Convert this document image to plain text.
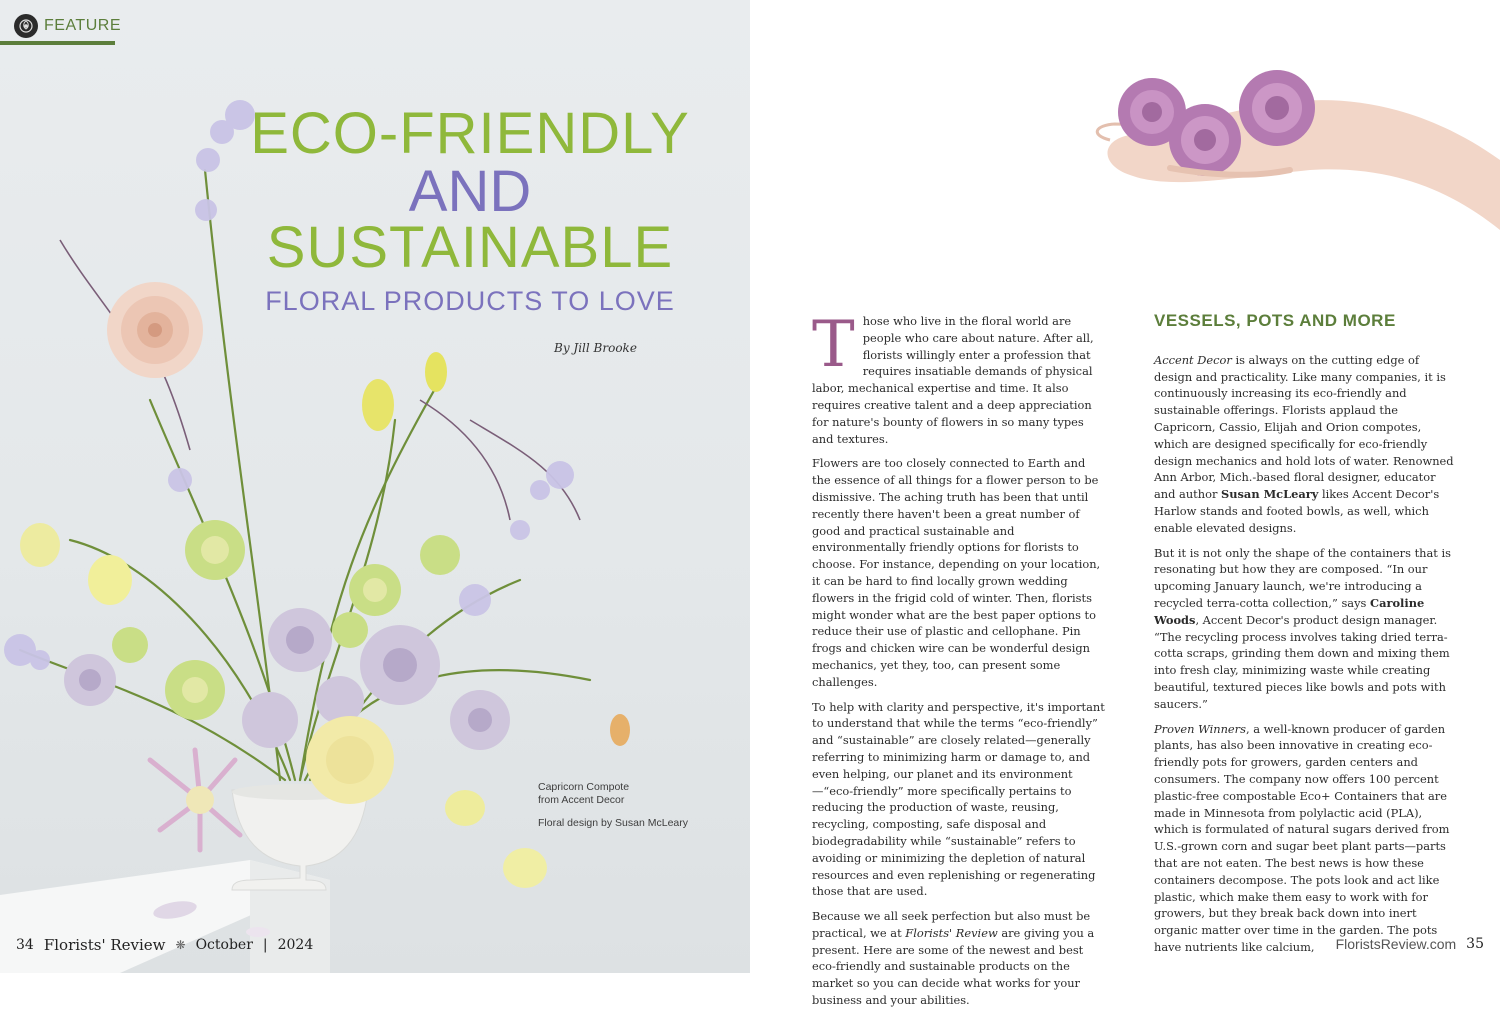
FEATURE
ECO-FRIENDLY
AND
SUSTAINABLE
FLORAL PRODUCTS TO LOVE
By Jill Brooke
Capricorn Compote
from Accent Decor
Floral design by Susan McLeary
34 Florists' Review ❋ October | 2024

Those who live in the floral world are people who care about nature. After all, florists willingly enter a profession that requires insatiable demands of physical labor, mechanical expertise and time. It also requires creative talent and a deep appreciation for nature's bounty of flowers in so many types and textures.

Flowers are too closely connected to Earth and the essence of all things for a flower person to be dismissive. The aching truth has been that until recently there haven't been a great number of good and practical sustainable and environmentally friendly options for florists to choose. For instance, depending on your location, it can be hard to find locally grown wedding flowers in the frigid cold of winter. Then, florists might wonder what are the best paper options to reduce their use of plastic and cellophane. Pin frogs and chicken wire can be wonderful design mechanics, yet they, too, can present some challenges.

To help with clarity and perspective, it's important to understand that while the terms “eco-friendly” and “sustainable” are closely related—generally referring to minimizing harm or damage to, and even helping, our planet and its environment—“eco-friendly” more specifically pertains to reducing the production of waste, reusing, recycling, composting, safe disposal and biodegradability while “sustainable” refers to avoiding or minimizing the depletion of natural resources and even replenishing or regenerating those that are used.

Because we all seek perfection but also must be practical, we at Florists' Review are giving you a present. Here are some of the newest and best eco-friendly and sustainable products on the market so you can decide what works for your business and your abilities.

VESSELS, POTS AND MORE

Accent Decor is always on the cutting edge of design and practicality. Like many companies, it is continuously increasing its eco-friendly and sustainable offerings. Florists applaud the Capricorn, Cassio, Elijah and Orion compotes, which are designed specifically for eco-friendly design mechanics and hold lots of water. Renowned Ann Arbor, Mich.-based floral designer, educator and author Susan McLeary likes Accent Decor's Harlow stands and footed bowls, as well, which enable elevated designs.

But it is not only the shape of the containers that is resonating but how they are composed. “In our upcoming January launch, we're introducing a recycled terra-cotta collection,” says Caroline Woods, Accent Decor's product design manager. “The recycling process involves taking dried terra-cotta scraps, grinding them down and mixing them into fresh clay, minimizing waste while creating beautiful, textured pieces like bowls and pots with saucers.”

Proven Winners, a well-known producer of garden plants, has also been innovative in creating eco-friendly pots for growers, garden centers and consumers. The company now offers 100 percent plastic-free compostable Eco+ Containers that are made in Minnesota from polylactic acid (PLA), which is formulated of natural sugars derived from U.S.-grown corn and sugar beet plant parts—parts that are not eaten. The best news is how these containers decompose. The pots look and act like plastic, which make them easy to work with for growers, but they break back down into inert organic matter over time in the garden. The pots have nutrients like calcium,	FloristsReview.com 35
